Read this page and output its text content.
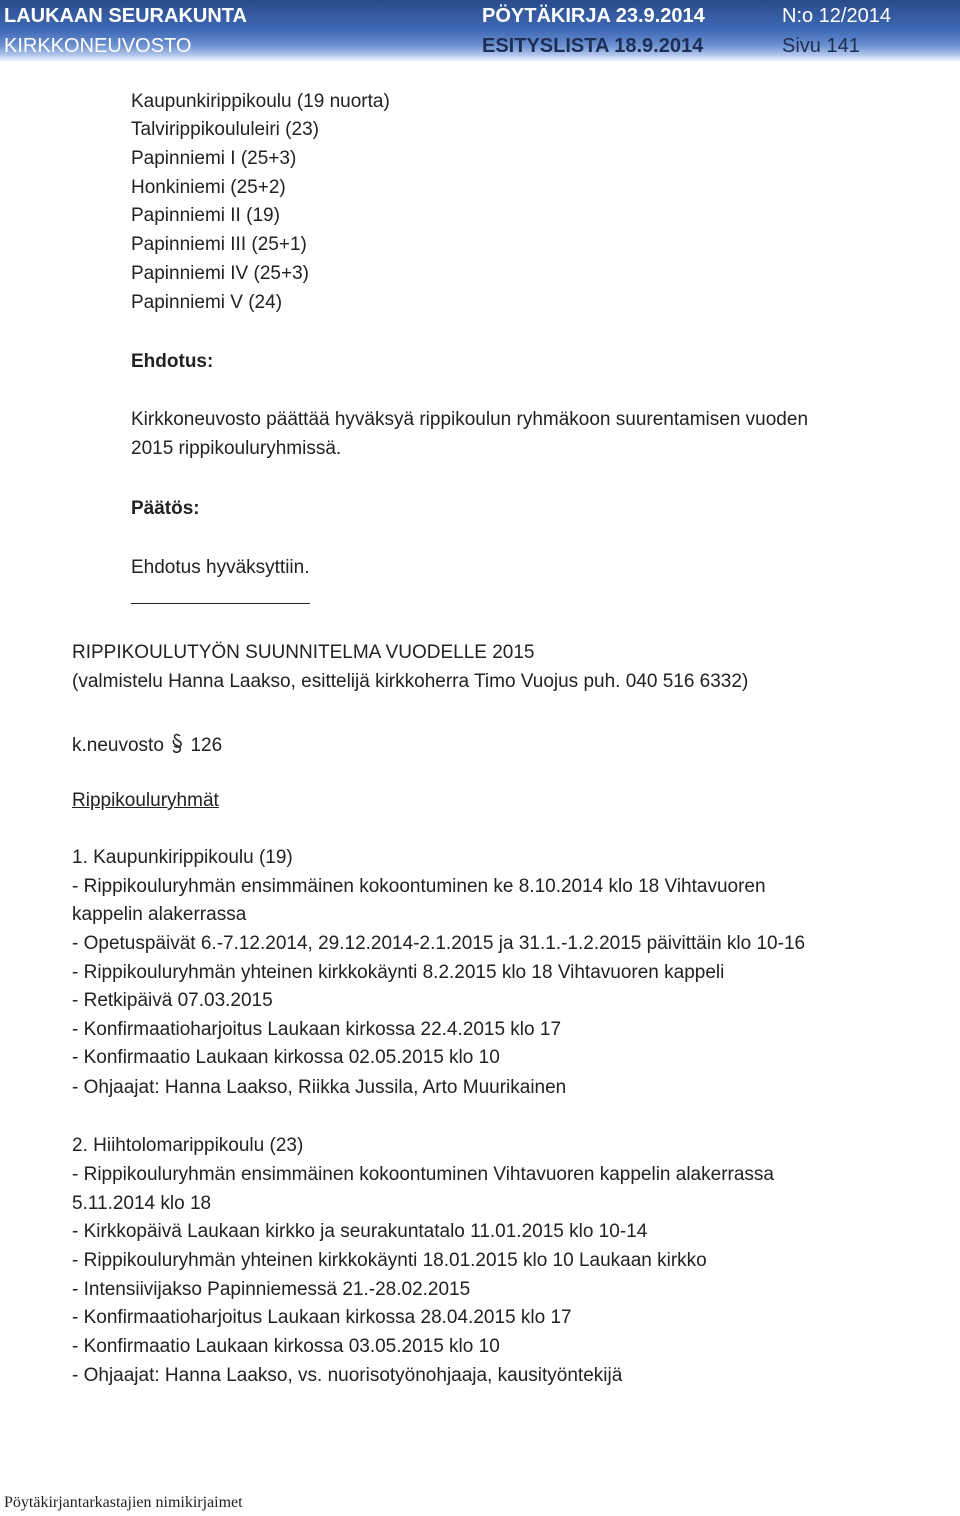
LAUKAAN SEURAKUNTA
KIRKKONEUVOSTO
PÖYTÄKIRJA 23.9.2014
ESITYSLISTA 18.9.2014
N:o 12/2014
Sivu 141
Kaupunkirippikoulu (19 nuorta)
Talvirippikoululeiri (23)
Papinniemi I (25+3)
Honkiniemi (25+2)
Papinniemi II (19)
Papinniemi III (25+1)
Papinniemi IV (25+3)
Papinniemi V (24)
Ehdotus:
Kirkkoneuvosto päättää hyväksyä rippikoulun ryhmäkoon suurentamisen vuoden
2015 rippikouluryhmissä.
Päätös:
Ehdotus hyväksyttiin.
RIPPIKOULUTYÖN SUUNNITELMA VUODELLE 2015
(valmistelu Hanna Laakso, esittelijä kirkkoherra Timo Vuojus puh. 040 516 6332)
k.neuvosto 126
Rippikouluryhmät
1. Kaupunkirippikoulu (19)
- Rippikouluryhmän ensimmäinen kokoontuminen ke 8.10.2014 klo 18 Vihtavuoren
kappelin alakerrassa
- Opetuspäivät 6.-7.12.2014, 29.12.2014-2.1.2015 ja 31.1.-1.2.2015 päivittäin klo 10-16
- Rippikouluryhmän yhteinen kirkkokäynti 8.2.2015 klo 18 Vihtavuoren kappeli
- Retkipäivä 07.03.2015
- Konfirmaatioharjoitus Laukaan kirkossa 22.4.2015 klo 17
- Konfirmaatio Laukaan kirkossa 02.05.2015 klo 10
- Ohjaajat: Hanna Laakso, Riikka Jussila, Arto Muurikainen
2. Hiihtolomarippikoulu (23)
- Rippikouluryhmän ensimmäinen kokoontuminen Vihtavuoren kappelin alakerrassa
5.11.2014 klo 18
- Kirkkopäivä Laukaan kirkko ja seurakuntatalo 11.01.2015 klo 10-14
- Rippikouluryhmän yhteinen kirkkokäynti 18.01.2015 klo 10 Laukaan kirkko
- Intensiivijakso Papinniemessä 21.-28.02.2015
- Konfirmaatioharjoitus Laukaan kirkossa 28.04.2015 klo 17
- Konfirmaatio Laukaan kirkossa 03.05.2015 klo 10
- Ohjaajat: Hanna Laakso, vs. nuorisotyönohjaaja, kausityöntekijä
Pöytäkirjantarkastajien nimikirjaimet
